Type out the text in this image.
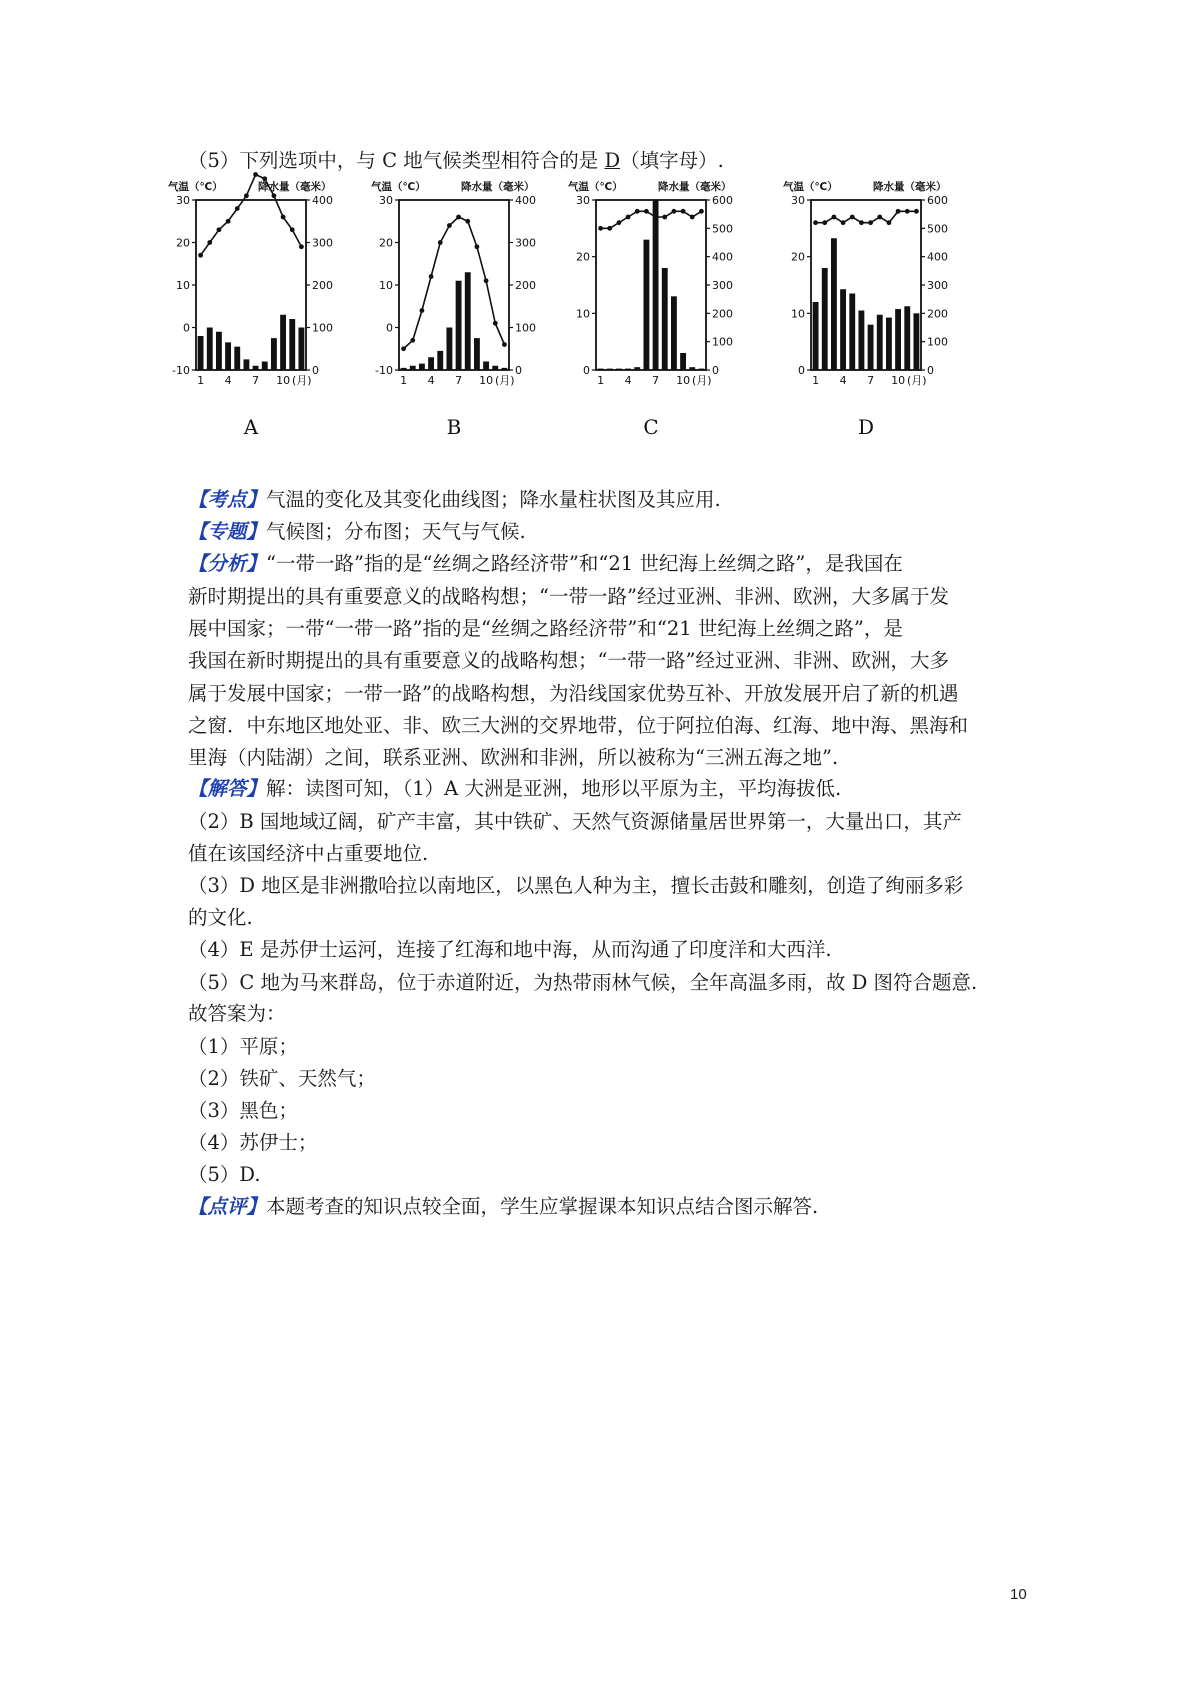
（5）下列选项中，与 C 地气候类型相符合的是 D（填字母）.
气温（℃）	降水量（毫米）
30
20
10
0
-10
400
300
200
100
0
1 4 7 10 (月)
A
气温（℃）	降水量（毫米）
30
20
10
0
-10
400
300
200
100
0
1 4 7 10 (月)
B
气温（℃）	降水量（毫米）
30
20
10
0
600
500
400
300
200
100
0
1 4 7 10 (月)
C
气温（℃）	降水量（毫米）
30
20
10
0
600
500
400
300
200
100
0
1 4 7 10 (月)
D
【考点】气温的变化及其变化曲线图；降水量柱状图及其应用.
【专题】气候图；分布图；天气与气候.
【分析】“一带一路”指的是“丝绸之路经济带”和“21 世纪海上丝绸之路”，是我国在
新时期提出的具有重要意义的战略构想；“一带一路”经过亚洲、非洲、欧洲，大多属于发
展中国家；一带“一带一路”指的是“丝绸之路经济带”和“21 世纪海上丝绸之路”，是
我国在新时期提出的具有重要意义的战略构想；“一带一路”经过亚洲、非洲、欧洲，大多
属于发展中国家；一带一路”的战略构想，为沿线国家优势互补、开放发展开启了新的机遇
之窗．中东地区地处亚、非、欧三大洲的交界地带，位于阿拉伯海、红海、地中海、黑海和
里海（内陆湖）之间，联系亚洲、欧洲和非洲，所以被称为“三洲五海之地”.
【解答】解：读图可知，（1）A 大洲是亚洲，地形以平原为主，平均海拔低.
（2）B 国地域辽阔，矿产丰富，其中铁矿、天然气资源储量居世界第一，大量出口，其产
值在该国经济中占重要地位.
（3）D 地区是非洲撒哈拉以南地区，以黑色人种为主，擅长击鼓和雕刻，创造了绚丽多彩
的文化.
（4）E 是苏伊士运河，连接了红海和地中海，从而沟通了印度洋和大西洋.
（5）C 地为马来群岛，位于赤道附近，为热带雨林气候，全年高温多雨，故 D 图符合题意.
故答案为：
（1）平原；
（2）铁矿、天然气；
（3）黑色；
（4）苏伊士；
（5）D.
【点评】本题考查的知识点较全面，学生应掌握课本知识点结合图示解答.
10
